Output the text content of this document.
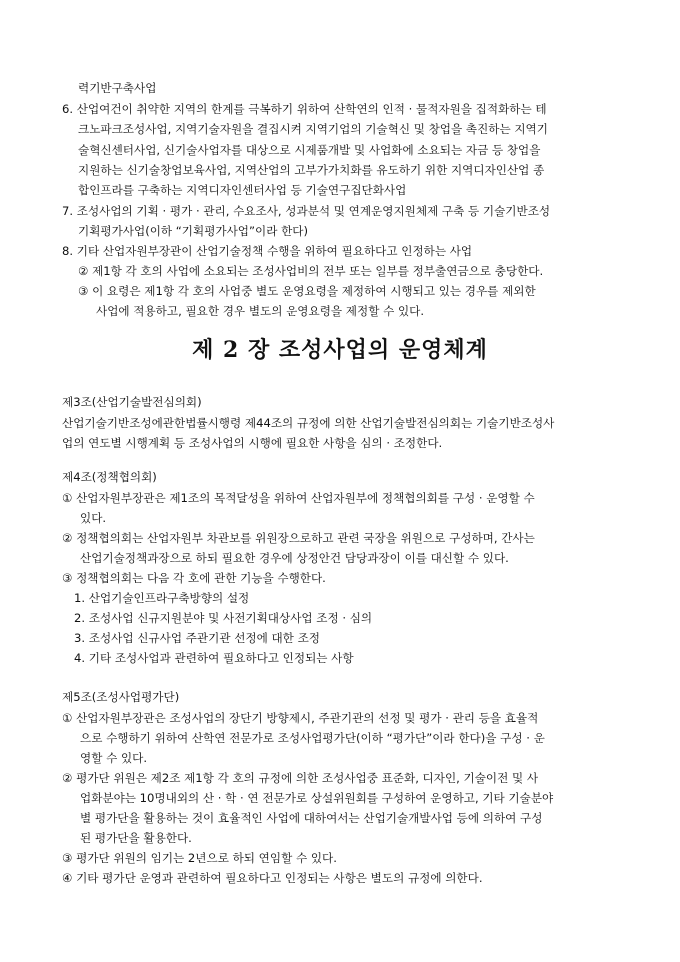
력기반구축사업
6. 산업여건이 취약한 지역의 한계를 극복하기 위하여 산학연의 인적 · 물적자원을 집적화하는 테
크노파크조성사업, 지역기술자원을 결집시켜 지역기업의 기술혁신 및 창업을 촉진하는 지역기
술혁신센터사업, 신기술사업자를 대상으로 시제품개발 및 사업화에 소요되는 자금 등 창업을
지원하는 신기술창업보육사업, 지역산업의 고부가가치화를 유도하기 위한 지역디자인산업 종
합인프라를 구축하는 지역디자인센터사업 등 기술연구집단화사업
7. 조성사업의 기획 · 평가 · 관리, 수요조사, 성과분석 및 연계운영지원체제 구축 등 기술기반조성
기획평가사업(이하 “기획평가사업”이라 한다)
8. 기타 산업자원부장관이 산업기술정책 수행을 위하여 필요하다고 인정하는 사업
② 제1항 각 호의 사업에 소요되는 조성사업비의 전부 또는 일부를 정부출연금으로 충당한다.
③ 이 요령은 제1항 각 호의 사업중 별도 운영요령을 제정하여 시행되고 있는 경우를 제외한
사업에 적용하고, 필요한 경우 별도의 운영요령을 제정할 수 있다.
제 2 장 조성사업의 운영체계
제3조(산업기술발전심의회)
산업기술기반조성에관한법률시행령 제44조의 규정에 의한 산업기술발전심의회는 기술기반조성사
업의 연도별 시행계획 등 조성사업의 시행에 필요한 사항을 심의 · 조정한다.
제4조(정책협의회)
① 산업자원부장관은 제1조의 목적달성을 위하여 산업자원부에 정책협의회를 구성 · 운영할 수
있다.
② 정책협의회는 산업자원부 차관보를 위원장으로하고 관련 국장을 위원으로 구성하며, 간사는
산업기술정책과장으로 하되 필요한 경우에 상정안건 담당과장이 이를 대신할 수 있다.
③ 정책협의회는 다음 각 호에 관한 기능을 수행한다.
1. 산업기술인프라구축방향의 설정
2. 조성사업 신규지원분야 및 사전기획대상사업 조정 · 심의
3. 조성사업 신규사업 주관기관 선정에 대한 조정
4. 기타 조성사업과 관련하여 필요하다고 인정되는 사항
제5조(조성사업평가단)
① 산업자원부장관은 조성사업의 장단기 방향제시, 주관기관의 선정 및 평가 · 관리 등을 효율적
으로 수행하기 위하여 산학연 전문가로 조성사업평가단(이하 “평가단”이라 한다)을 구성 · 운
영할 수 있다.
② 평가단 위원은 제2조 제1항 각 호의 규정에 의한 조성사업중 표준화, 디자인, 기술이전 및 사
업화분야는 10명내외의 산 · 학 · 연 전문가로 상설위원회를 구성하여 운영하고, 기타 기술분야
별 평가단을 활용하는 것이 효율적인 사업에 대하여서는 산업기술개발사업 등에 의하여 구성
된 평가단을 활용한다.
③ 평가단 위원의 임기는 2년으로 하되 연임할 수 있다.
④ 기타 평가단 운영과 관련하여 필요하다고 인정되는 사항은 별도의 규정에 의한다.
